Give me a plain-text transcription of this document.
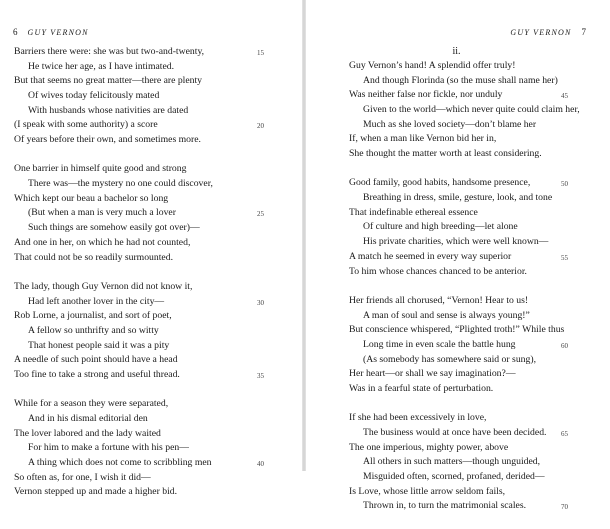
6 GUY VERNON
Barriers there were: she was but two-and-twenty,	15
He twice her age, as I have intimated.
But that seems no great matter—there are plenty
Of wives today felicitously mated
With husbands whose nativities are dated
(I speak with some authority) a score	20
Of years before their own, and sometimes more.
One barrier in himself quite good and strong
There was—the mystery no one could discover,
Which kept our beau a bachelor so long
(But when a man is very much a lover	25
Such things are somehow easily got over)—
And one in her, on which he had not counted,
That could not be so readily surmounted.
The lady, though Guy Vernon did not know it,
Had left another lover in the city—	30
Rob Lorne, a journalist, and sort of poet,
A fellow so unthrifty and so witty
That honest people said it was a pity
A needle of such point should have a head
Too fine to take a strong and useful thread.	35
While for a season they were separated,
And in his dismal editorial den
The lover labored and the lady waited
For him to make a fortune with his pen—
A thing which does not come to scribbling men	40
So often as, for one, I wish it did—
Vernon stepped up and made a higher bid.
GUY VERNON 7
ii.
Guy Vernon’s hand! A splendid offer truly!
And though Florinda (so the muse shall name her)
Was neither false nor fickle, nor unduly	45
Given to the world—which never quite could claim her,
Much as she loved society—don’t blame her
If, when a man like Vernon bid her in,
She thought the matter worth at least considering.
Good family, good habits, handsome presence,	50
Breathing in dress, smile, gesture, look, and tone
That indefinable ethereal essence
Of culture and high breeding—let alone
His private charities, which were well known—
A match he seemed in every way superior	55
To him whose chances chanced to be anterior.
Her friends all chorused, “Vernon! Hear to us!
A man of soul and sense is always young!”
But conscience whispered, “Plighted troth!” While thus
Long time in even scale the battle hung	60
(As somebody has somewhere said or sung),
Her heart—or shall we say imagination?—
Was in a fearful state of perturbation.
If she had been excessively in love,
The business would at once have been decided. 65
The one imperious, mighty power, above
All others in such matters—though unguided,
Misguided often, scorned, profaned, derided—
Is Love, whose little arrow seldom fails,
Thrown in, to turn the matrimonial scales.	70
